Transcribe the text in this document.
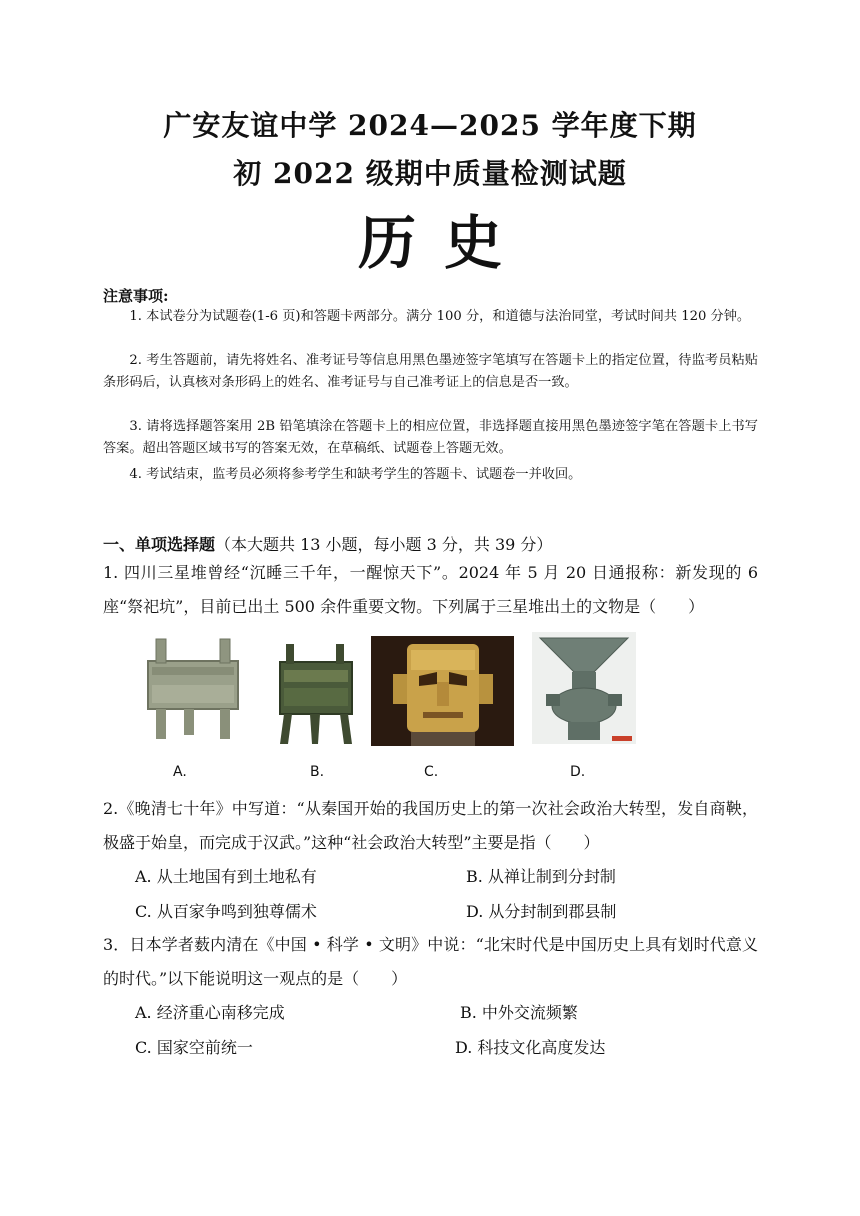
广安友谊中学 2024—2025 学年度下期
初 2022 级期中质量检测试题
历史
注意事项:
1. 本试卷分为试题卷(1-6 页)和答题卡两部分。满分 100 分，和道德与法治同堂，考试时间共 120 分钟。
2. 考生答题前，请先将姓名、准考证号等信息用黑色墨迹签字笔填写在答题卡上的指定位置，待监考员粘贴条形码后，认真核对条形码上的姓名、准考证号与自己准考证上的信息是否一致。
3. 请将选择题答案用 2B 铅笔填涂在答题卡上的相应位置，非选择题直接用黑色墨迹签字笔在答题卡上书写答案。超出答题区域书写的答案无效，在草稿纸、试题卷上答题无效。
4. 考试结束，监考员必须将参考学生和缺考学生的答题卡、试题卷一并收回。
一、单项选择题（本大题共 13 小题，每小题 3 分，共 39 分）
1. 四川三星堆曾经“沉睡三千年，一醒惊天下”。2024 年 5 月 20 日通报称：新发现的 6 座“祭祀坑”，目前已出土 500 余件重要文物。下列属于三星堆出土的文物是（　　）
A.	B.	C.	D.
2.《晚清七十年》中写道：“从秦国开始的我国历史上的第一次社会政治大转型，发自商鞅，极盛于始皇，而完成于汉武。”这种“社会政治大转型”主要是指（　　）
A. 从土地国有到土地私有	B. 从禅让制到分封制
C. 从百家争鸣到独尊儒术	D. 从分封制到郡县制
3．日本学者薮内清在《中国 • 科学 • 文明》中说：“北宋时代是中国历史上具有划时代意义的时代。”以下能说明这一观点的是（　　）
A. 经济重心南移完成	B. 中外交流频繁
C. 国家空前统一	D. 科技文化高度发达
